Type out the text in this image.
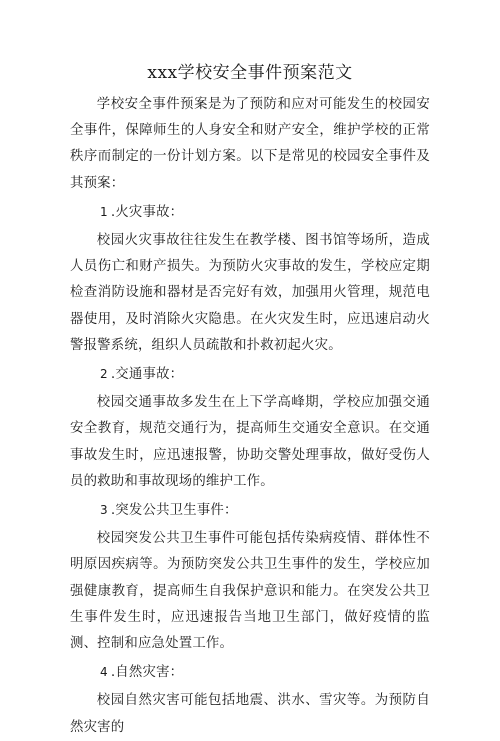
xxx学校安全事件预案范文

学校安全事件预案是为了预防和应对可能发生的校园安全事件，保障师生的人身安全和财产安全，维护学校的正常秩序而制定的一份计划方案。以下是常见的校园安全事件及其预案：

1 .火灾事故：

校园火灾事故往往发生在教学楼、图书馆等场所，造成人员伤亡和财产损失。为预防火灾事故的发生，学校应定期检查消防设施和器材是否完好有效，加强用火管理，规范电器使用，及时消除火灾隐患。在火灾发生时，应迅速启动火警报警系统，组织人员疏散和扑救初起火灾。

2 .交通事故：

校园交通事故多发生在上下学高峰期，学校应加强交通安全教育，规范交通行为，提高师生交通安全意识。在交通事故发生时，应迅速报警，协助交警处理事故，做好受伤人员的救助和事故现场的维护工作。

3 .突发公共卫生事件：

校园突发公共卫生事件可能包括传染病疫情、群体性不明原因疾病等。为预防突发公共卫生事件的发生，学校应加强健康教育，提高师生自我保护意识和能力。在突发公共卫生事件发生时，应迅速报告当地卫生部门，做好疫情的监测、控制和应急处置工作。

4 .自然灾害：

校园自然灾害可能包括地震、洪水、雪灾等。为预防自然灾害的
